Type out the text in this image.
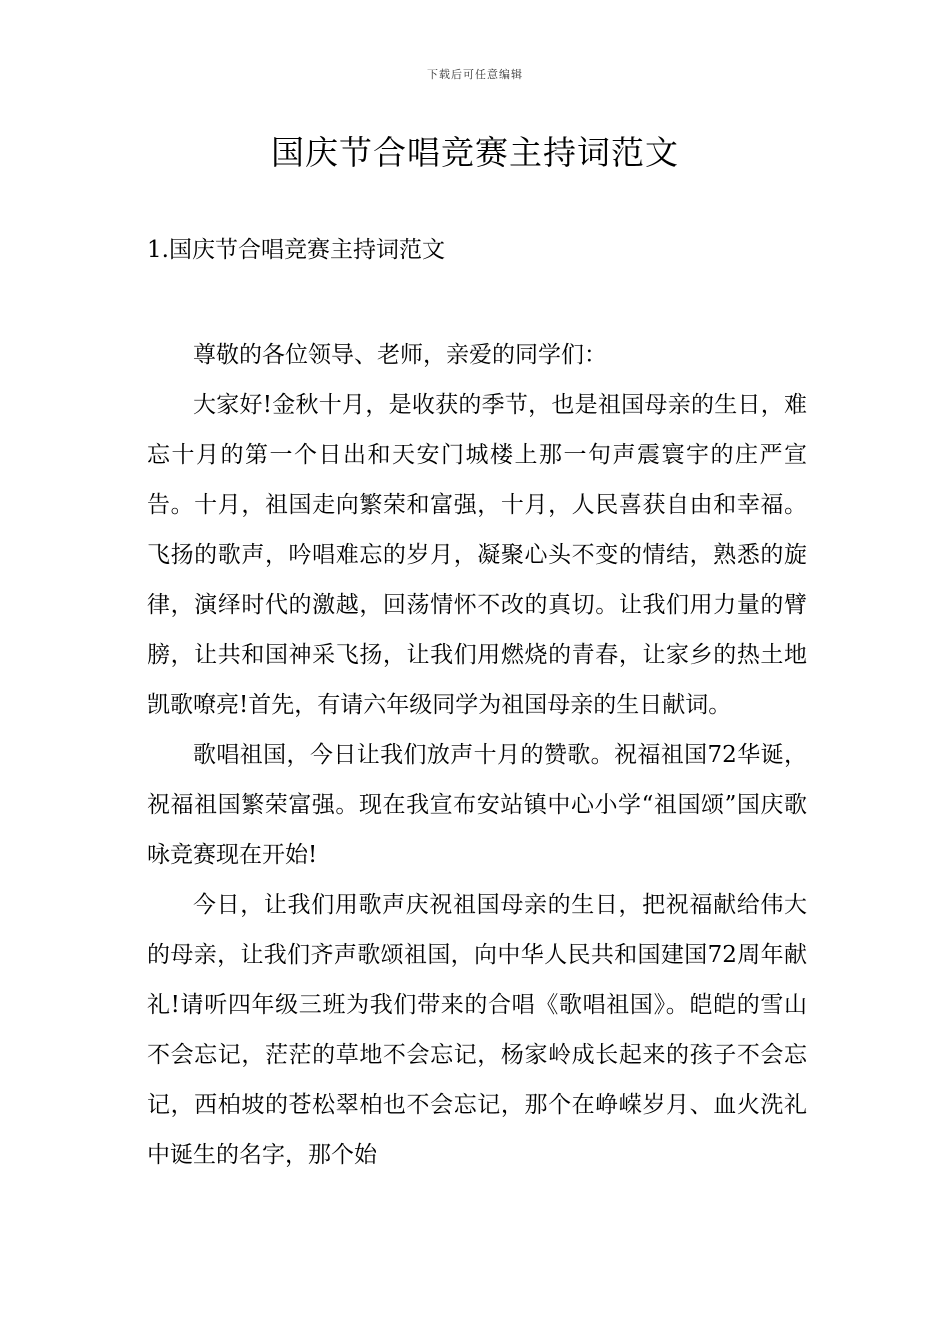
下载后可任意编辑
国庆节合唱竞赛主持词范文
1.国庆节合唱竞赛主持词范文

尊敬的各位领导、老师，亲爱的同学们：

大家好!金秋十月，是收获的季节，也是祖国母亲的生日，难忘十月的第一个日出和天安门城楼上那一句声震寰宇的庄严宣告。十月，祖国走向繁荣和富强，十月，人民喜获自由和幸福。飞扬的歌声，吟唱难忘的岁月，凝聚心头不变的情结，熟悉的旋律，演绎时代的激越，回荡情怀不改的真切。让我们用力量的臂膀，让共和国神采飞扬，让我们用燃烧的青春，让家乡的热土地凯歌嘹亮!首先，有请六年级同学为祖国母亲的生日献词。

歌唱祖国，今日让我们放声十月的赞歌。祝福祖国72华诞，祝福祖国繁荣富强。现在我宣布安站镇中心小学“祖国颂”国庆歌咏竞赛现在开始!

今日，让我们用歌声庆祝祖国母亲的生日，把祝福献给伟大的母亲，让我们齐声歌颂祖国，向中华人民共和国建国72周年献礼!请听四年级三班为我们带来的合唱《歌唱祖国》。皑皑的雪山不会忘记，茫茫的草地不会忘记，杨家岭成长起来的孩子不会忘记，西柏坡的苍松翠柏也不会忘记，那个在峥嵘岁月、血火洗礼中诞生的名字，那个始
